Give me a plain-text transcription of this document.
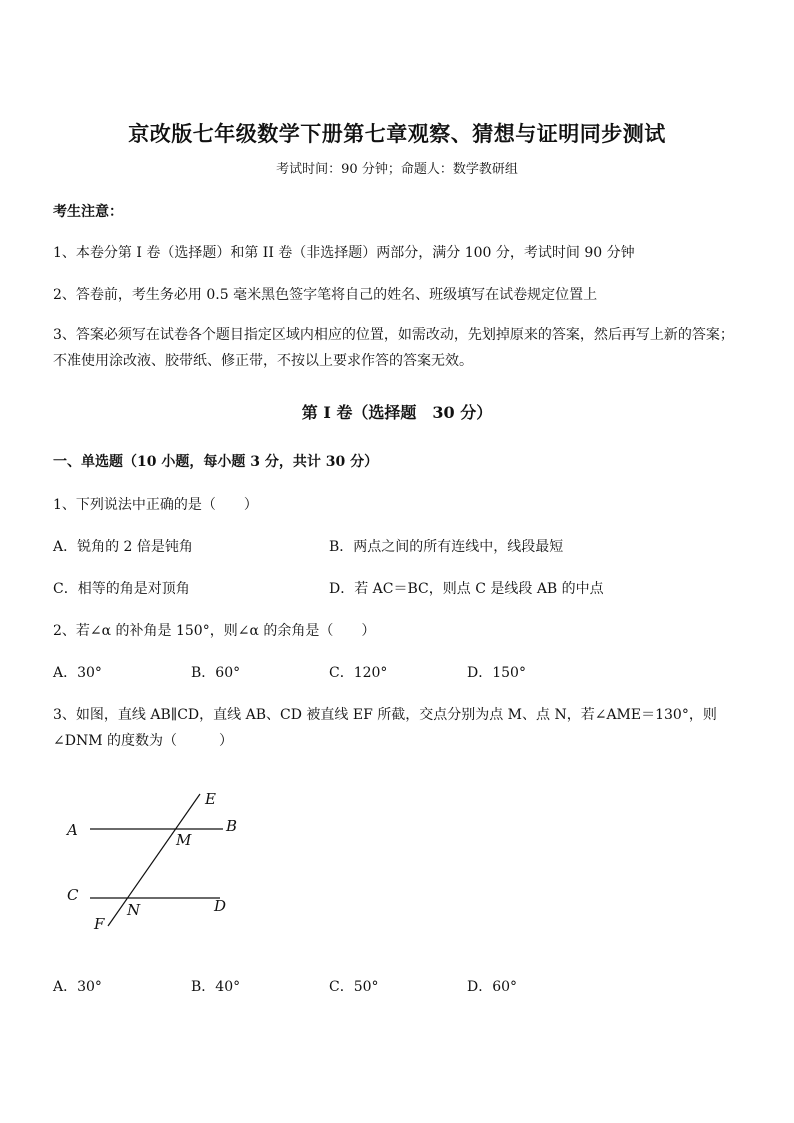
京改版七年级数学下册第七章观察、猜想与证明同步测试
考试时间：90 分钟；命题人：数学教研组
考生注意：
1、本卷分第 I 卷（选择题）和第 II 卷（非选择题）两部分，满分 100 分，考试时间 90 分钟
2、答卷前，考生务必用 0.5 毫米黑色签字笔将自己的姓名、班级填写在试卷规定位置上
3、答案必须写在试卷各个题目指定区域内相应的位置，如需改动，先划掉原来的答案，然后再写上新的答案；不准使用涂改液、胶带纸、修正带，不按以上要求作答的答案无效。
第 I 卷（选择题　30 分）
一、单选题（10 小题，每小题 3 分，共计 30 分）
1、下列说法中正确的是（　　）
A．锐角的 2 倍是钝角	B．两点之间的所有连线中，线段最短
C．相等的角是对顶角	D．若 AC＝BC，则点 C 是线段 AB 的中点
2、若∠α 的补角是 150°，则∠α 的余角是（　　）
A．30°	B．60°	C．120°	D．150°
3、如图，直线 AB∥CD，直线 AB、CD 被直线 EF 所截，交点分别为点 M、点 N，若∠AME＝130°，则
∠DNM 的度数为（　　　）
A	B
C
D
E
F
M
N
A．30°	B．40°	C．50°	D．60°
